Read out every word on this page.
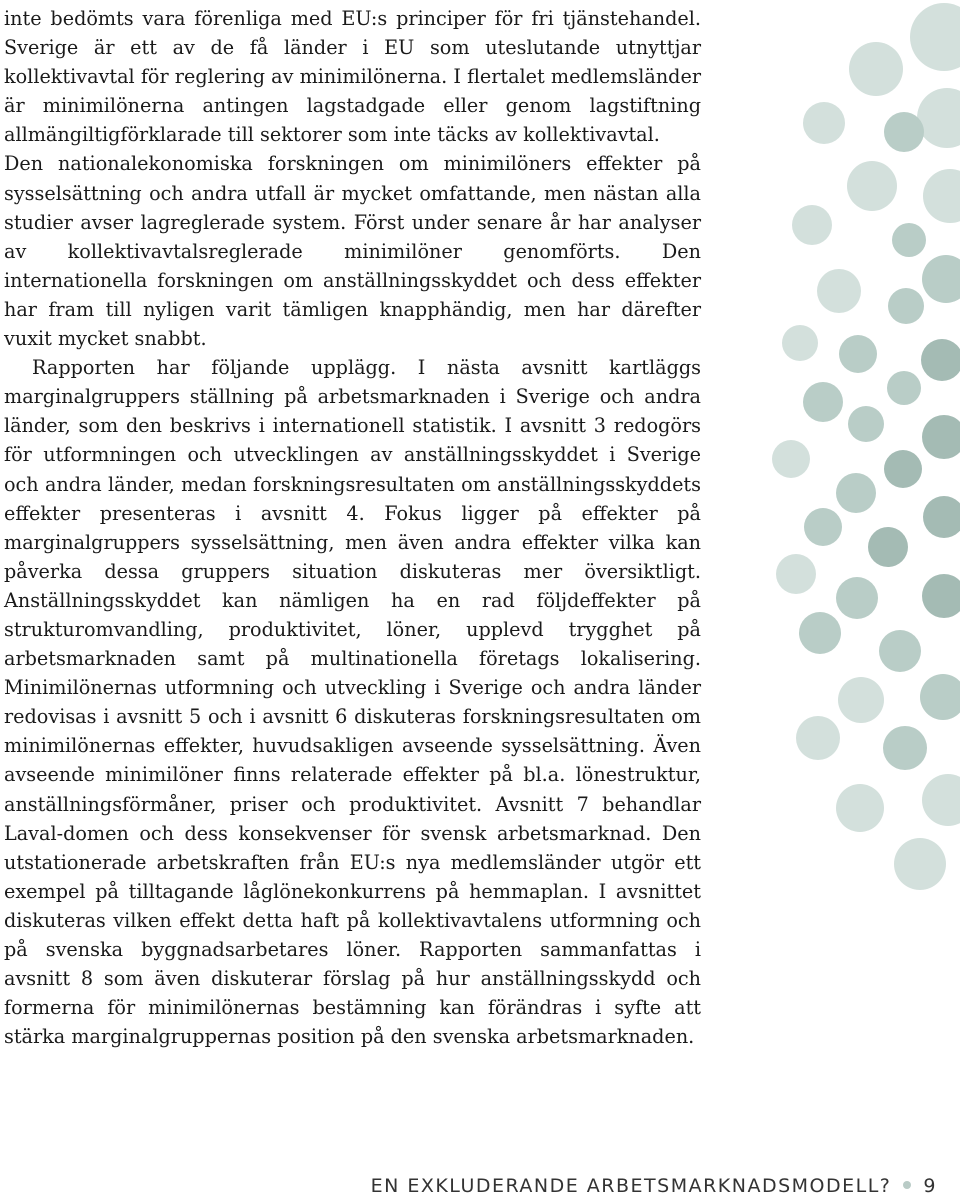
inte bedömts vara förenliga med EU:s principer för fri tjänstehandel. Sverige är ett av de få länder i EU som uteslutande utnyttjar kollektivavtal för reglering av minimilönerna. I flertalet medlemsländer är minimilönerna antingen lagstadgade eller genom lagstiftning allmängiltigförklarade till sektorer som inte täcks av kollektivavtal.

Den nationalekonomiska forskningen om minimilöners effekter på sysselsättning och andra utfall är mycket omfattande, men nästan alla studier avser lagreglerade system. Först under senare år har analyser av kollektivavtalsreglerade minimilöner genomförts. Den internationella forskningen om anställningsskyddet och dess effekter har fram till nyligen varit tämligen knapphändig, men har därefter vuxit mycket snabbt.

Rapporten har följande upplägg. I nästa avsnitt kartläggs marginalgruppers ställning på arbetsmarknaden i Sverige och andra länder, som den beskrivs i internationell statistik. I avsnitt 3 redogörs för utformningen och utvecklingen av anställningsskyddet i Sverige och andra länder, medan forskningsresultaten om anställningsskyddets effekter presenteras i avsnitt 4. Fokus ligger på effekter på marginalgruppers sysselsättning, men även andra effekter vilka kan påverka dessa gruppers situation diskuteras mer översiktligt. Anställningsskyddet kan nämligen ha en rad följdeffekter på strukturomvandling, produktivitet, löner, upplevd trygghet på arbetsmarknaden samt på multinationella företags lokalisering. Minimilönernas utformning och utveckling i Sverige och andra länder redovisas i avsnitt 5 och i avsnitt 6 diskuteras forskningsresultaten om minimilönernas effekter, huvudsakligen avseende sysselsättning. Även avseende minimilöner finns relaterade effekter på bl.a. lönestruktur, anställningsförmåner, priser och produktivitet. Avsnitt 7 behandlar Laval-domen och dess konsekvenser för svensk arbetsmarknad. Den utstationerade arbetskraften från EU:s nya medlemsländer utgör ett exempel på tilltagande låglönekonkurrens på hemmaplan. I avsnittet diskuteras vilken effekt detta haft på kollektivavtalens utformning och på svenska byggnadsarbetares löner. Rapporten sammanfattas i avsnitt 8 som även diskuterar förslag på hur anställningsskydd och formerna för minimilönernas bestämning kan förändras i syfte att stärka marginalgruppernas position på den svenska arbetsmarknaden.

EN EXKLUDERANDE ARBETSMARKNADSMODELL? 9
